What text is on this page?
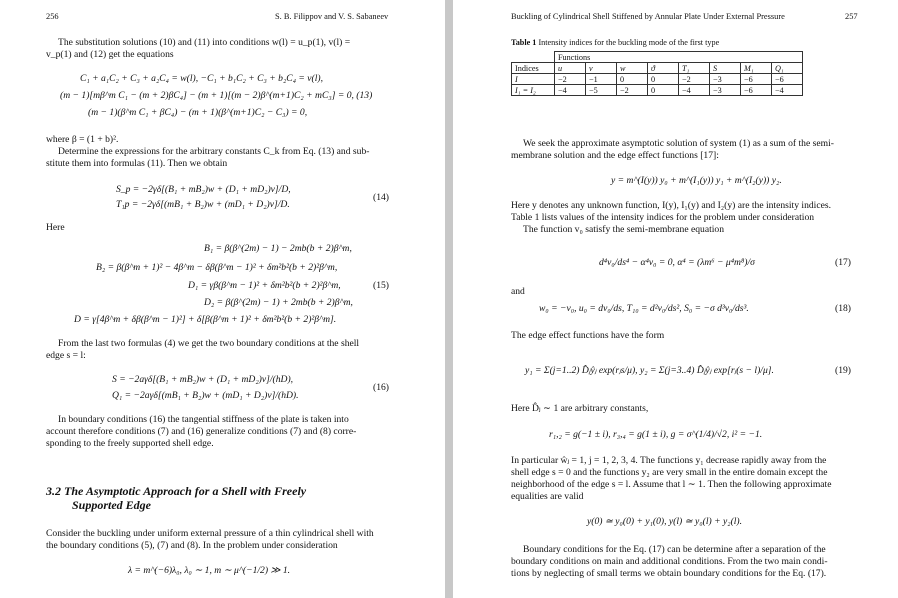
256	S. B. Filippov and V. S. Sabaneev
The substitution solutions (10) and (11) into conditions w(l) = u_p(1), v(l) =
v_p(1) and (12) get the equations
C₁ + a₁C₂ + C₃ + a₂C₄ = w(l), −C₁ + b₁C₂ + C₃ + b₂C₄ = v(l),
(m − 1)[mβ^m C₁ − (m + 2)βC₄] − (m + 1)[(m − 2)β^(m+1)C₂ + mC₃] = 0, (13)
(m − 1)(β^m C₁ + βC₄) − (m + 1)(β^(m+1)C₂ − C₃) = 0,
where β = (1 + b)².
Determine the expressions for the arbitrary constants C_k from Eq. (13) and sub-
stitute them into formulas (11). Then we obtain
S_p = −2γδ[(B₁ + mB₂)w + (D₁ + mD₂)v]/D,
T₁p = −2γδ[(mB₁ + B₂)w + (mD₁ + D₂)v]/D.
(14)
Here
B₁ = β(β^(2m) − 1) − 2mb(b + 2)β^m,
B₂ = β(β^m + 1)² − 4β^m − δβ(β^m − 1)² + δm²b²(b + 2)²β^m,
D₁ = γβ(β^m − 1)² + δm²b²(b + 2)²β^m,
D₂ = β(β^(2m) − 1) + 2mb(b + 2)β^m,
D = γ[4β^m + δβ(β^m − 1)²] + δ[β(β^m + 1)² + δm²b²(b + 2)²β^m].
(15)
From the last two formulas (4) we get the two boundary conditions at the shell
edge s = l:
S = −2aγδ[(B₁ + mB₂)w + (D₁ + mD₂)v]/(hD),
Q₁ = −2aγδ[(mB₁ + B₂)w + (mD₁ + D₂)v]/(hD).
(16)
In boundary conditions (16) the tangential stiffness of the plate is taken into
account therefore conditions (7) and (16) generalize conditions (7) and (8) corre-
sponding to the freely supported shell edge.
3.2 The Asymptotic Approach for a Shell with Freely
Supported Edge
Consider the buckling under uniform external pressure of a thin cylindrical shell with
the boundary conditions (5), (7) and (8). In the problem under consideration
λ = m^(−6)λ₀, λ₀ ∼ 1, m ∼ μ^(−1/2) ≫ 1.
Buckling of Cylindrical Shell Stiffened by Annular Plate Under External Pressure	257
Table 1 Intensity indices for the buckling mode of the first type
	Functions							
Indices	u	v	w	ϑ	T₁	S	M₁	Q₁
I	−2	−1	0	0	−2	−3	−6	−6
I₁ = I₂	−4	−5	−2	0	−4	−3	−6	−4
We seek the approximate asymptotic solution of system (1) as a sum of the semi-
membrane solution and the edge effect functions [17]:
y = m^(I(y)) y₀ + m^(I₁(y)) y₁ + m^(I₂(y)) y₂.
Here y denotes any unknown function, I(y), I₁(y) and I₂(y) are the intensity indices.
Table 1 lists values of the intensity indices for the problem under consideration
The function v₀ satisfy the semi-membrane equation
d⁴v₀/ds⁴ − α⁴v₀ = 0, α⁴ = (λm⁶ − μ⁴m⁸)/σ	(17)
and
w₀ = −v₀, u₀ = dv₀/ds, T₁₀ = d²v₀/ds², S₀ = −σ d³v₀/ds³.	(18)
The edge effect functions have the form
y₁ = Σ(j=1..2) D̂ⱼŷⱼ exp(rⱼs/μ), y₂ = Σ(j=3..4) D̂ⱼŷⱼ exp[rⱼ(s − l)/μ].	(19)
Here D̂ⱼ ∼ 1 are arbitrary constants,
r₁,₂ = g(−1 ± i), r₃,₄ = g(1 ± i), g = σ^(1/4)/√2, i² = −1.
In particular ŵⱼ = 1, j = 1, 2, 3, 4. The functions y₁ decrease rapidly away from the
shell edge s = 0 and the functions y₂ are very small in the entire domain except the
neighborhood of the edge s = l. Assume that l ∼ 1. Then the following approximate
equalities are valid
y(0) ≃ y₀(0) + y₁(0), y(l) ≃ y₀(l) + y₂(l).
Boundary conditions for the Eq. (17) can be determine after a separation of the
boundary conditions on main and additional conditions. From the two main condi-
tions by neglecting of small terms we obtain boundary conditions for the Eq. (17).
